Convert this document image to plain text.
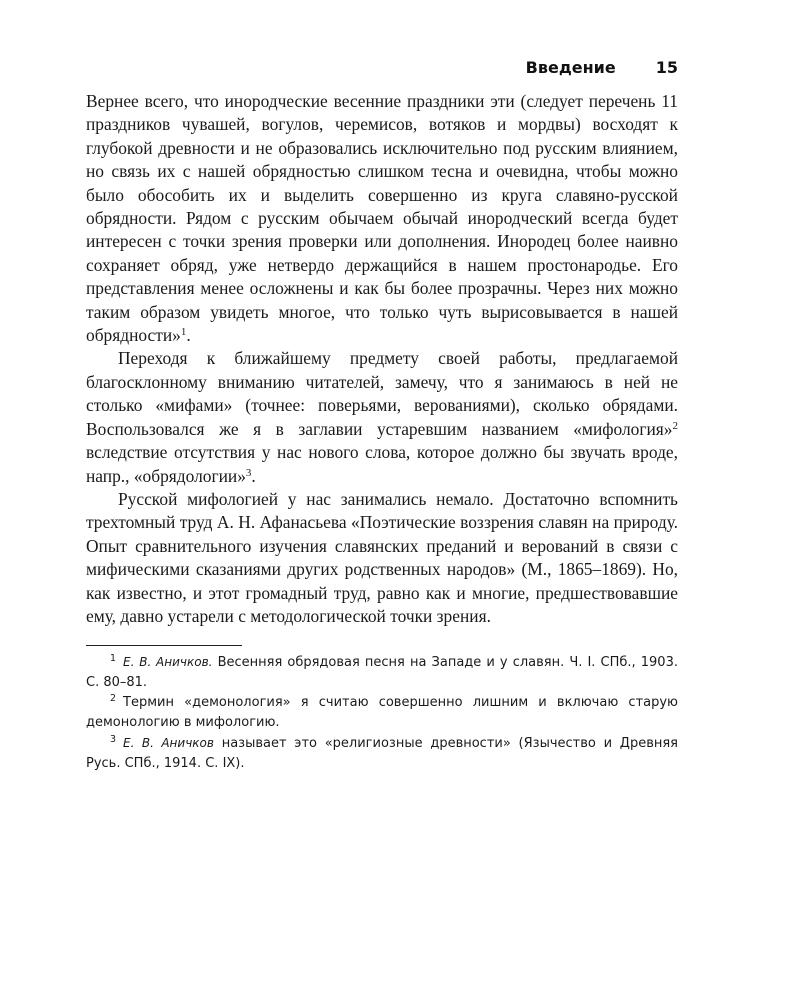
Введение	15

Вернее всего, что инородческие весенние праздники эти (следует перечень 11 праздников чувашей, вогулов, черемисов, вотяков и мордвы) восходят к глубокой древности и не образовались исключительно под русским влиянием, но связь их с нашей обрядностью слишком тесна и очевидна, чтобы можно было обособить их и выделить совершенно из круга славяно-русской обрядности. Рядом с русским обычаем обычай инородческий всегда будет интересен с точки зрения проверки или дополнения. Инородец более наивно сохраняет обряд, уже нетвердо держащийся в нашем простонародье. Его представления менее осложнены и как бы более прозрачны. Через них можно таким образом увидеть многое, что только чуть вырисовывается в нашей обрядности»$^1$.

Переходя к ближайшему предмету своей работы, предлагаемой благосклонному вниманию читателей, замечу, что я занимаюсь в ней не столько «мифами» (точнее: поверьями, верованиями), сколько обрядами. Воспользовался же я в заглавии устаревшим названием «мифология»$^2$ вследствие отсутствия у нас нового слова, которое должно бы звучать вроде, напр., «обрядологии»$^3$.

Русской мифологией у нас занимались немало. Достаточно вспомнить трехтомный труд А. Н. Афанасьева «Поэтические воззрения славян на природу. Опыт сравнительного изучения славянских преданий и верований в связи с мифическими сказаниями других родственных народов» (М., 1865–1869). Но, как известно, и этот громадный труд, равно как и многие, предшествовавшие ему, давно устарели с методологической точки зрения.

$^1$ Е. В. Аничков. Весенняя обрядовая песня на Западе и у славян. Ч. I. СПб., 1903. С. 80–81.

$^2$ Термин «демонология» я считаю совершенно лишним и включаю старую демонологию в мифологию.

$^3$ Е. В. Аничков называет это «религиозные древности» (Язычество и Древняя Русь. СПб., 1914. С. IX).
